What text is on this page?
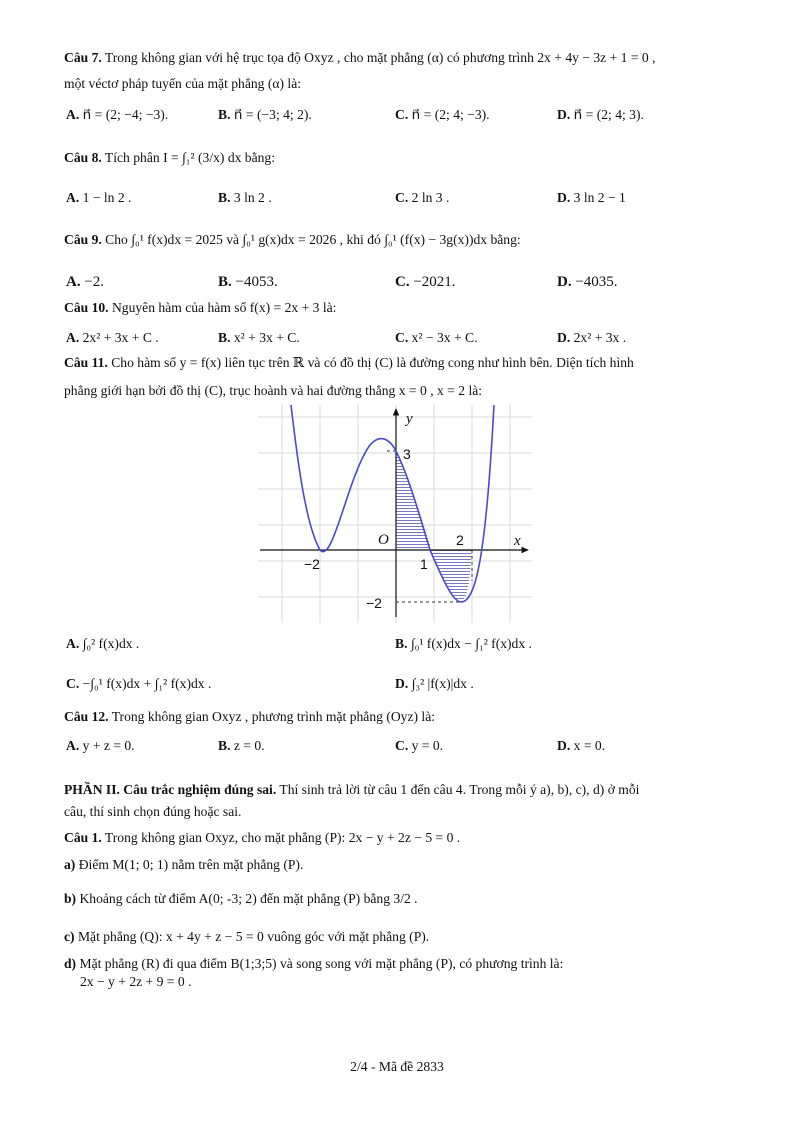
Câu 7. Trong không gian với hệ trục tọa độ Oxyz , cho mặt phẳng (α) có phương trình 2x + 4y − 3z + 1 = 0 ,
một véctơ pháp tuyến của mặt phẳng (α) là:
A. n⃗ = (2; −4; −3).	B. n⃗ = (−3; 4; 2).	C. n⃗ = (2; 4; −3).	D. n⃗ = (2; 4; 3).
Câu 8. Tích phân I = ∫₁² (3/x) dx bằng:
A. 1 − ln 2 .	B. 3 ln 2 .	C. 2 ln 3 .	D. 3 ln 2 − 1
Câu 9. Cho ∫₀¹ f(x)dx = 2025 và ∫₀¹ g(x)dx = 2026 , khi đó ∫₀¹ (f(x) − 3g(x))dx bằng:
A. −2.	B. −4053.	C. −2021.	D. −4035.
Câu 10. Nguyên hàm của hàm số f(x) = 2x + 3 là:
A. 2x² + 3x + C .	B. x² + 3x + C.	C. x² − 3x + C.	D. 2x² + 3x .
Câu 11. Cho hàm số y = f(x) liên tục trên ℝ và có đồ thị (C) là đường cong như hình bên. Diện tích hình
phẳng giới hạn bởi đồ thị (C), trục hoành và hai đường thẳng x = 0 , x = 2 là:
y
x
O
3
−2	1
2
−2
A. ∫₀² f(x)dx .	B. ∫₀¹ f(x)dx − ∫₁² f(x)dx .
C. −∫₀¹ f(x)dx + ∫₁² f(x)dx .	D. ∫₃² |f(x)|dx .
Câu 12. Trong không gian Oxyz , phương trình mặt phẳng (Oyz) là:
A. y + z = 0.	B. z = 0.	C. y = 0.	D. x = 0.
PHẦN II. Câu trắc nghiệm đúng sai. Thí sinh trả lời từ câu 1 đến câu 4. Trong mỗi ý a), b), c), d) ở mỗi
câu, thí sinh chọn đúng hoặc sai.
Câu 1. Trong không gian Oxyz, cho mặt phẳng (P): 2x − y + 2z − 5 = 0 .
a) Điểm M(1; 0; 1) nằm trên mặt phẳng (P).
b) Khoảng cách từ điểm A(0; -3; 2) đến mặt phẳng (P) bằng 3/2 .
c) Mặt phẳng (Q): x + 4y + z − 5 = 0 vuông góc với mặt phẳng (P).
d) Mặt phẳng (R) đi qua điểm B(1;3;5) và song song với mặt phẳng (P), có phương trình là:
2x − y + 2z + 9 = 0 .
2/4 - Mã đề 2833
